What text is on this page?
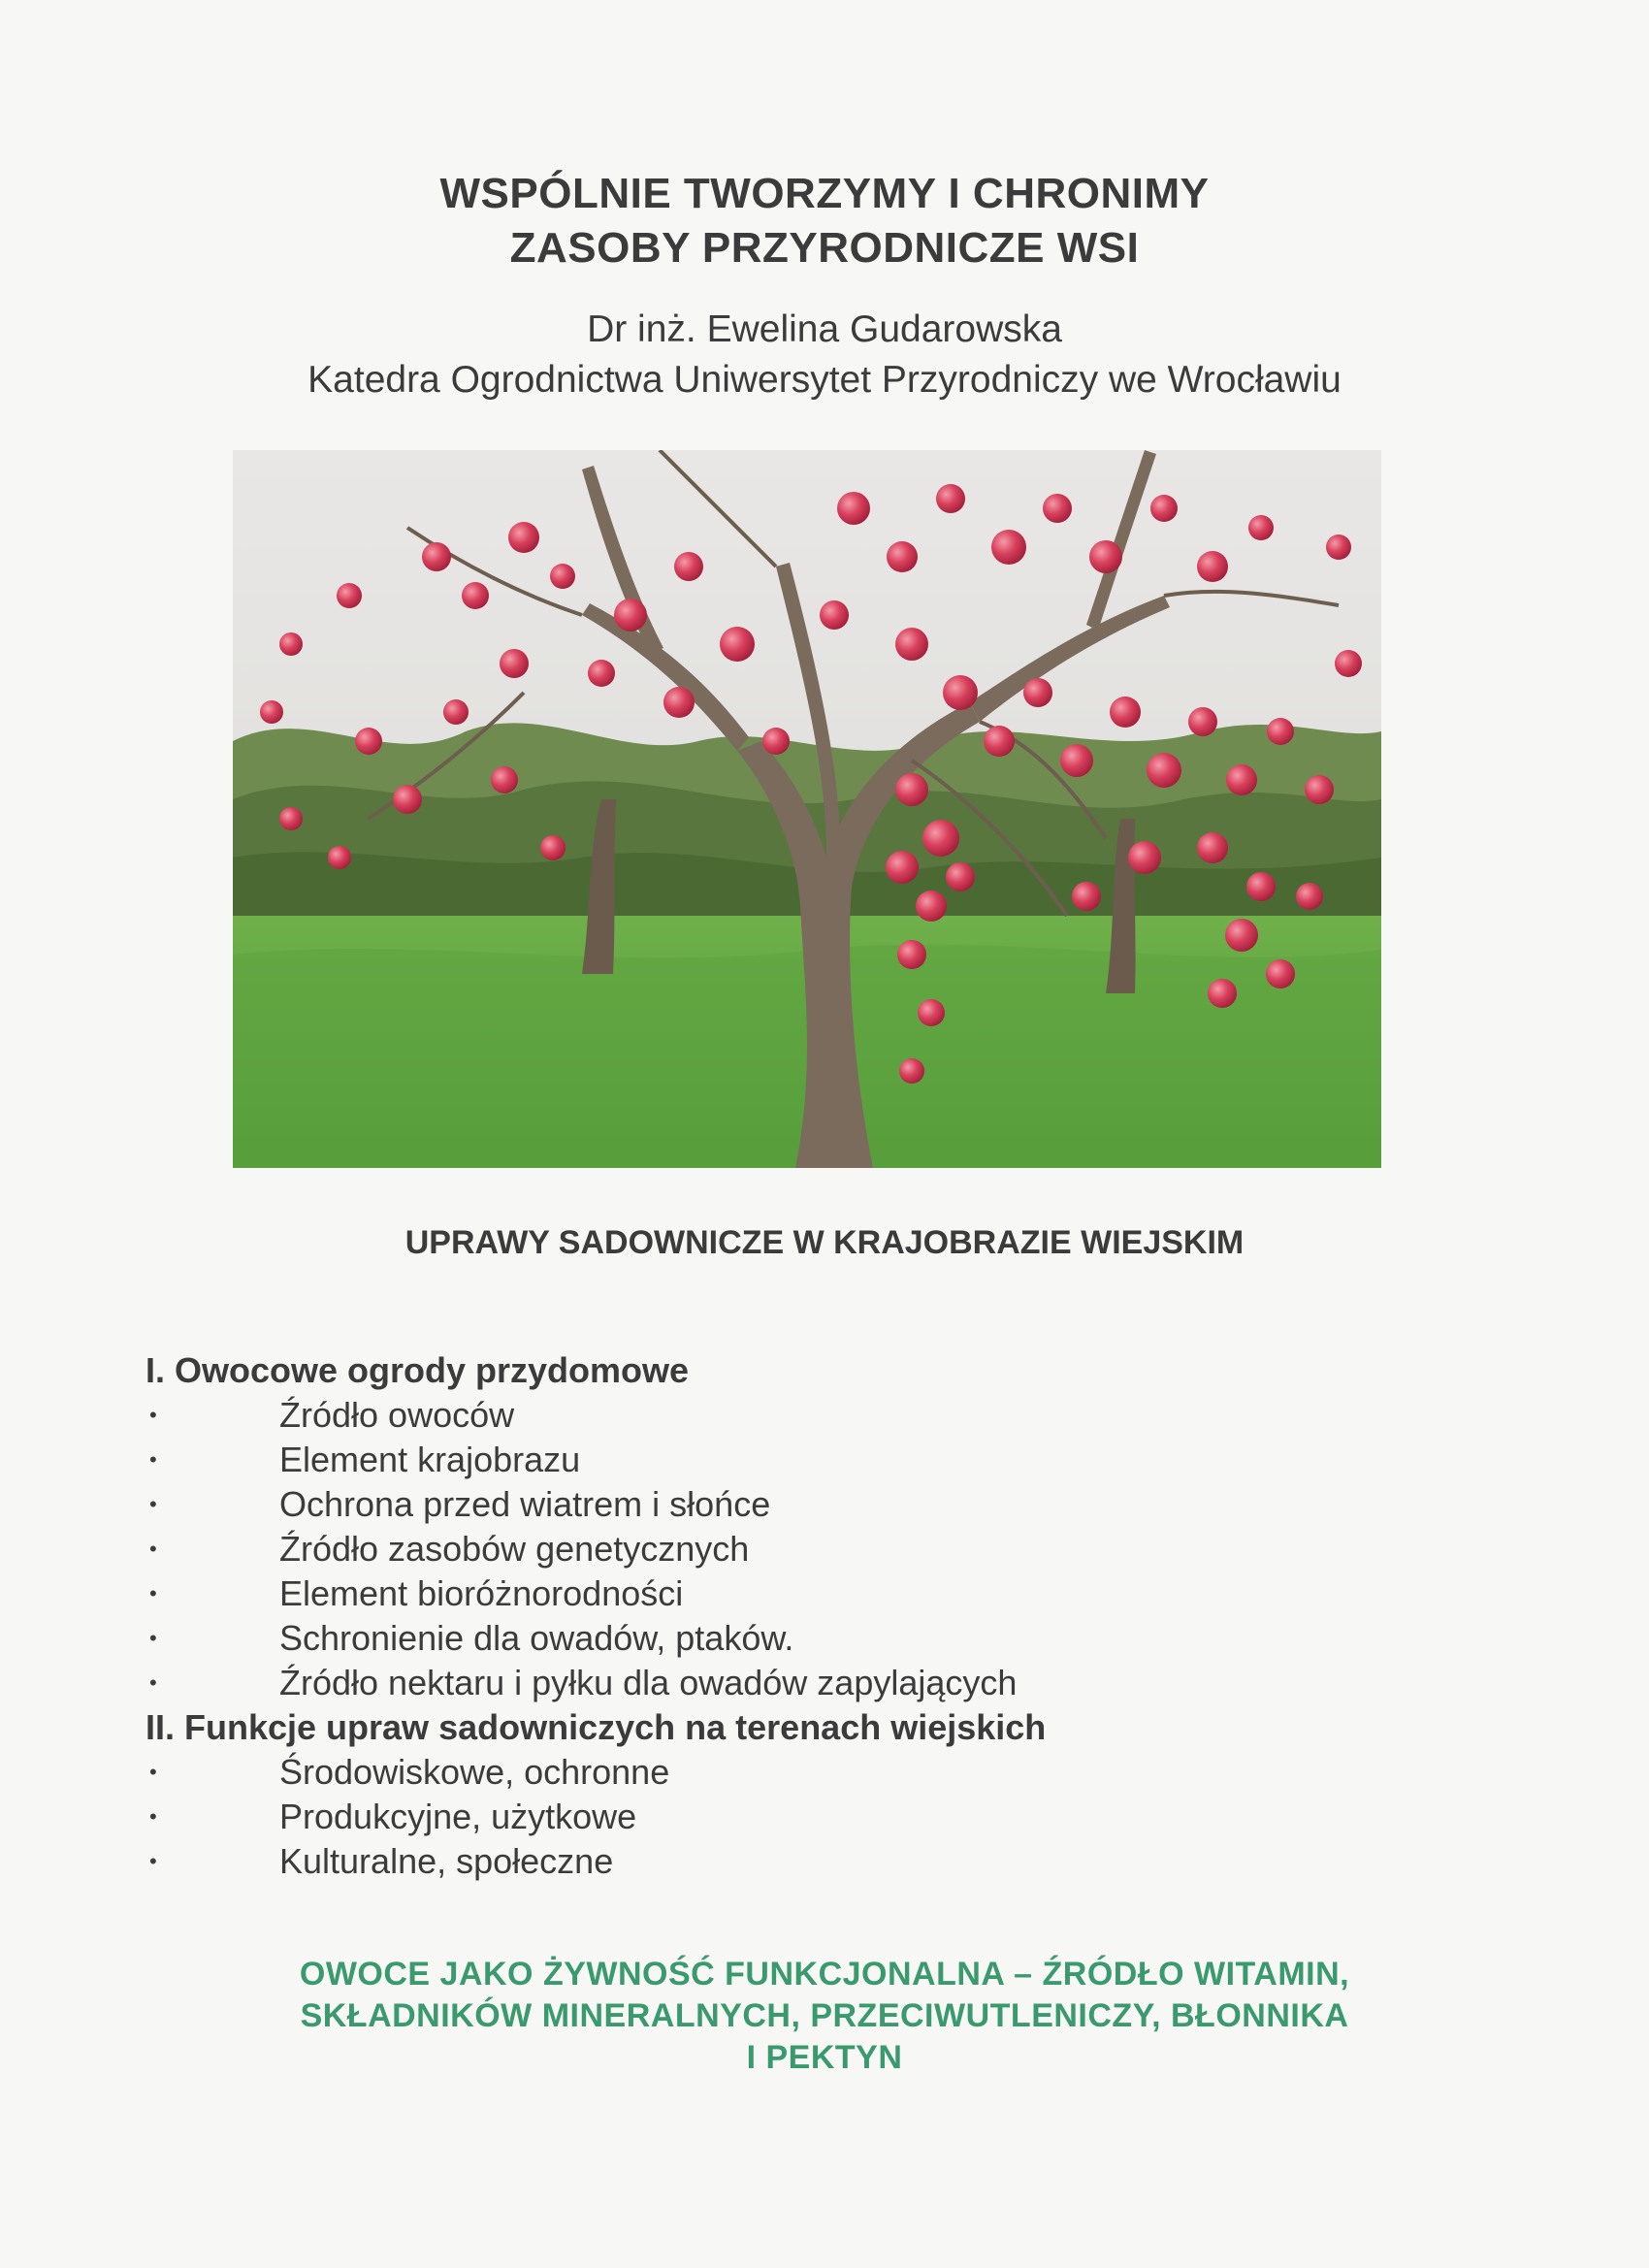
WSPÓLNIE TWORZYMY I CHRONIMY
ZASOBY PRZYRODNICZE WSI
Dr inż. Ewelina Gudarowska
Katedra Ogrodnictwa Uniwersytet Przyrodniczy we Wrocławiu
UPRAWY SADOWNICZE W KRAJOBRAZIE WIEJSKIM
I. Owocowe ogrody przydomowe
•	Źródło owoców
•	Element krajobrazu
•	Ochrona przed wiatrem i słońce
•	Źródło zasobów genetycznych
•	Element bioróżnorodności
•	Schronienie dla owadów, ptaków.
•	Źródło nektaru i pyłku dla owadów zapylających
II. Funkcje upraw sadowniczych na terenach wiejskich
•	Środowiskowe, ochronne
•	Produkcyjne, użytkowe
•	Kulturalne, społeczne
OWOCE JAKO ŻYWNOŚĆ FUNKCJONALNA – ŹRÓDŁO WITAMIN,
SKŁADNIKÓW MINERALNYCH, PRZECIWUTLENICZY, BŁONNIKA
I PEKTYN
